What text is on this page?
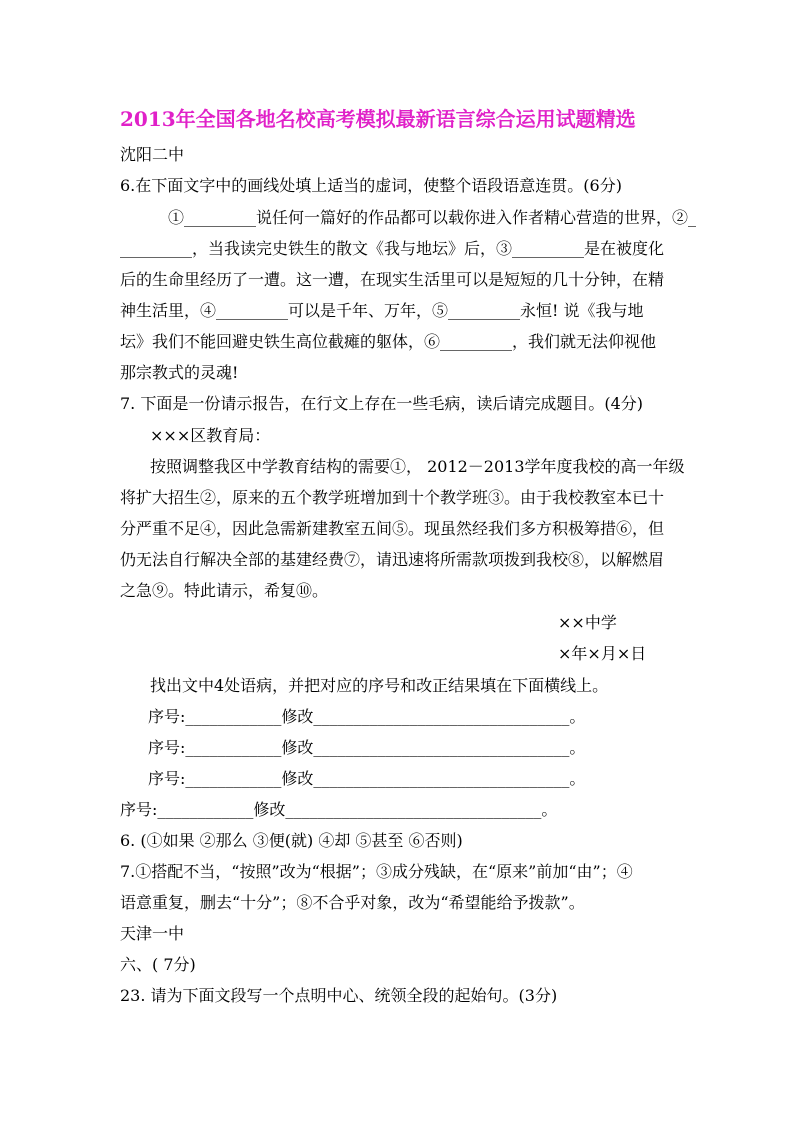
2013年全国各地名校高考模拟最新语言综合运用试题精选
沈阳二中
6.在下面文字中的画线处填上适当的虚词，使整个语段语意连贯。(6分)
①_________说任何一篇好的作品都可以载你进入作者精心营造的世界，②_
_________，当我读完史铁生的散文《我与地坛》后，③_________是在被度化
后的生命里经历了一遭。这一遭，在现实生活里可以是短短的几十分钟，在精
神生活里，④_________可以是千年、万年，⑤_________永恒! 说《我与地
坛》我们不能回避史铁生高位截瘫的躯体，⑥_________，我们就无法仰视他
那宗教式的灵魂!
7. 下面是一份请示报告，在行文上存在一些毛病，读后请完成题目。(4分)
×××区教育局：
按照调整我区中学教育结构的需要①， 2012－2013学年度我校的高一年级
将扩大招生②，原来的五个教学班增加到十个教学班③。由于我校教室本已十
分严重不足④，因此急需新建教室五间⑤。现虽然经我们多方积极筹措⑥，但
仍无法自行解决全部的基建经费⑦，请迅速将所需款项拨到我校⑧，以解燃眉
之急⑨。特此请示，希复⑩。
××中学
×年×月×日
找出文中4处语病，并把对应的序号和改正结果填在下面横线上。
序号:____________修改________________________________。
序号:____________修改________________________________。
序号:____________修改________________________________。
序号:____________修改________________________________。
6. (①如果 ②那么 ③便(就) ④却 ⑤甚至 ⑥否则)
7.①搭配不当，“按照”改为“根据”；③成分残缺，在“原来”前加“由”；④
语意重复，删去“十分”；⑧不合乎对象，改为“希望能给予拨款”。
天津一中
六、( 7分)
23. 请为下面文段写一个点明中心、统领全段的起始句。(3分)
